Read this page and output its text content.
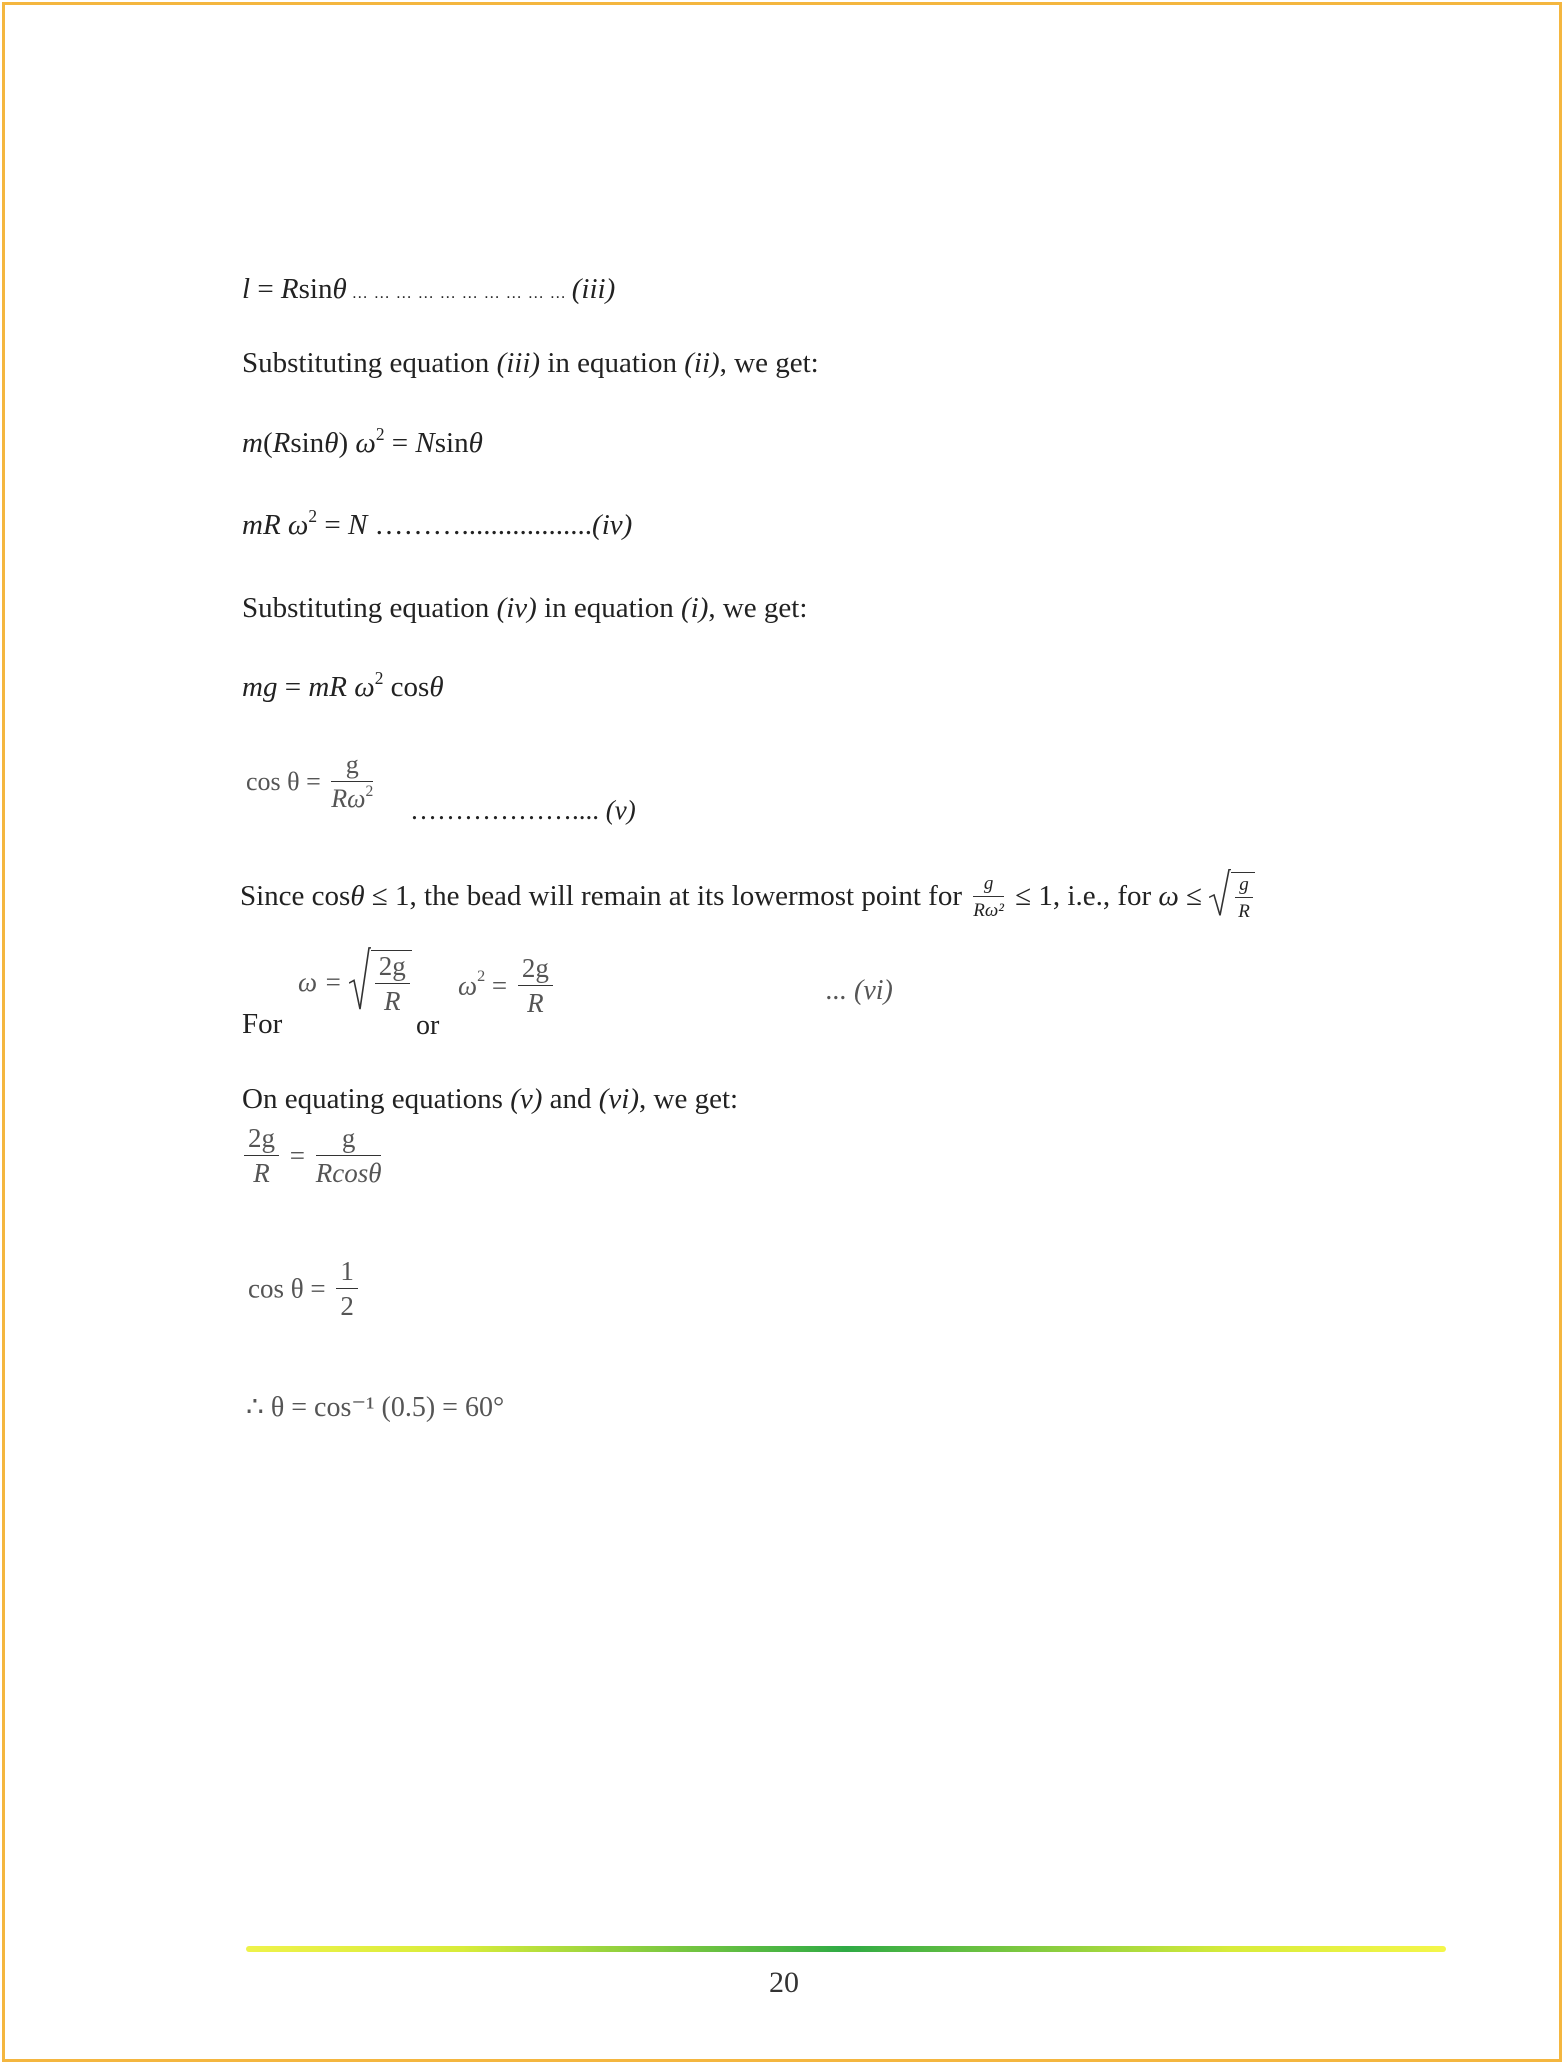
l = Rsinθ … … … … … … … … … … (iii)
Substituting equation (iii) in equation (ii), we get:
m(Rsinθ) $\omega^2 = Nsin\theta$
mR $\omega^2 = N$ ………..................(iv)
Substituting equation (iv) in equation (i), we get:
mg = mR $\omega^2$ cosθ
$\cos \theta = \frac{g}{R\omega^2}$ ……………….... (v)
Since cosθ ≤ 1, the bead will remain at its lowermost point for $\frac{g}{\text{Rω²}} \le 1$, i.e., for $\omega \le \frac{g}{R}$
For
$\omega = \frac{2g}{R}$
or
$\omega^2 = \frac{2g}{R}$	... (vi)
On equating equations (v) and (vi), we get:
$\frac{2g}{R} = \frac{g}{Rcos\theta}$
$\cos \theta = \frac{1}{2}$
∴ θ = cos⁻¹ (0.5) = 60°
20
